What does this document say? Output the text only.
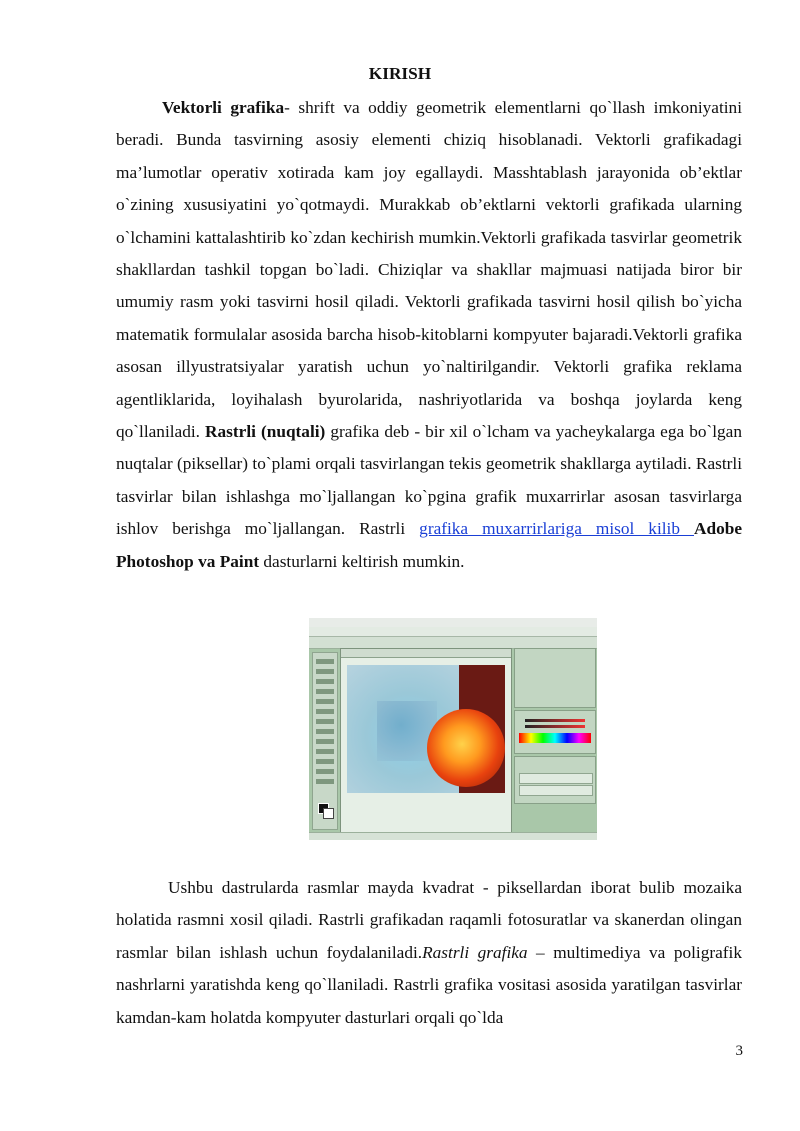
KIRISH

Vektorli grafika- shrift va oddiy geometrik elementlarni qo`llash imkoniyatini beradi. Bunda tasvirning asosiy elementi chiziq hisoblanadi. Vektorli grafikadagi ma’lumotlar operativ xotirada kam joy egallaydi. Masshtablash jarayonida ob’ektlar o`zining xususiyatini yo`qotmaydi. Murakkab ob’ektlarni vektorli grafikada ularning o`lchamini kattalashtirib ko`zdan kechirish mumkin.Vektorli grafikada tasvirlar geometrik shakllardan tashkil topgan bo`ladi. Chiziqlar va shakllar majmuasi natijada biror bir umumiy rasm yoki tasvirni hosil qiladi. Vektorli grafikada tasvirni hosil qilish bo`yicha matematik formulalar asosida barcha hisob-kitoblarni kompyuter bajaradi.Vektorli grafika asosan illyustratsiyalar yaratish uchun yo`naltirilgandir. Vektorli grafika reklama agentliklarida, loyihalash byurolarida, nashriyotlarida va boshqa joylarda keng qo`llaniladi. Rastrli (nuqtali) grafika deb - bir xil o`lcham va yacheykalarga ega bo`lgan nuqtalar (piksellar) to`plami orqali tasvirlangan tekis geometrik shakllarga aytiladi. Rastrli tasvirlar bilan ishlashga mo`ljallangan ko`pgina grafik muxarrirlar asosan tasvirlarga ishlov berishga mo`ljallangan. Rastrli grafika muxarrirlariga misol kilib Adobe Photoshop va Paint dasturlarni keltirish mumkin.

Ushbu dastrularda rasmlar mayda kvadrat - piksellardan iborat bulib mozaika holatida rasmni xosil qiladi. Rastrli grafikadan raqamli fotosuratlar va skanerdan olingan rasmlar bilan ishlash uchun foydalaniladi.Rastrli grafika – multimediya va poligrafik nashrlarni yaratishda keng qo`llaniladi. Rastrli grafika vositasi asosida yaratilgan tasvirlar kamdan-kam holatda kompyuter dasturlari orqali qo`lda

3
